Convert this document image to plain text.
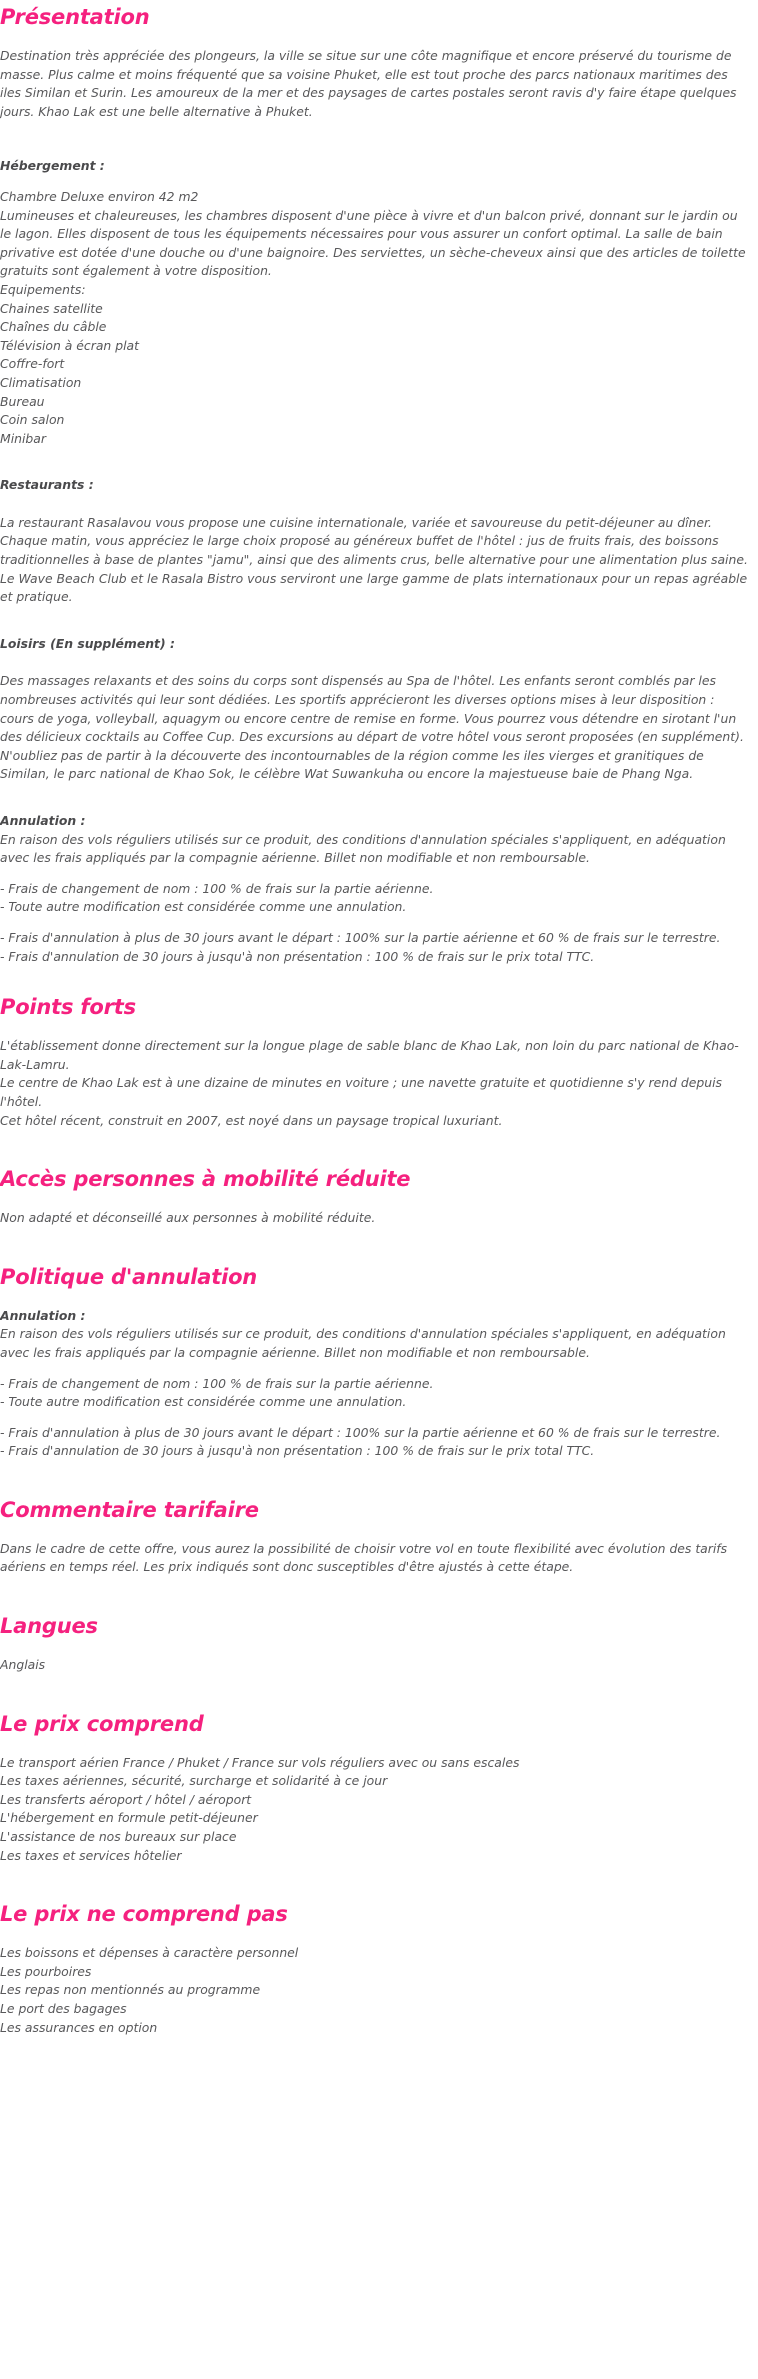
Présentation

Destination très appréciée des plongeurs, la ville se situe sur une côte magnifique et encore préservé du tourisme de masse. Plus calme et moins fréquenté que sa voisine Phuket, elle est tout proche des parcs nationaux maritimes des iles Similan et Surin. Les amoureux de la mer et des paysages de cartes postales seront ravis d'y faire étape quelques jours. Khao Lak est une belle alternative à Phuket.

Hébergement :

Chambre Deluxe environ 42 m2

Lumineuses et chaleureuses, les chambres disposent d'une pièce à vivre et d'un balcon privé, donnant sur le jardin ou le lagon. Elles disposent de tous les équipements nécessaires pour vous assurer un confort optimal. La salle de bain privative est dotée d'une douche ou d'une baignoire. Des serviettes, un sèche-cheveux ainsi que des articles de toilette gratuits sont également à votre disposition.

Equipements:

Chaines satellite
Chaînes du câble
Télévision à écran plat
Coffre-fort
Climatisation
Bureau
Coin salon
Minibar

Restaurants :

La restaurant Rasalavou vous propose une cuisine internationale, variée et savoureuse du petit-déjeuner au dîner. Chaque matin, vous appréciez le large choix proposé au généreux buffet de l'hôtel : jus de fruits frais, des boissons traditionnelles à base de plantes "jamu", ainsi que des aliments crus, belle alternative pour une alimentation plus saine. Le Wave Beach Club et le Rasala Bistro vous serviront une large gamme de plats internationaux pour un repas agréable et pratique.

Loisirs (En supplément) :

Des massages relaxants et des soins du corps sont dispensés au Spa de l'hôtel. Les enfants seront comblés par les nombreuses activités qui leur sont dédiées. Les sportifs apprécieront les diverses options mises à leur disposition : cours de yoga, volleyball, aquagym ou encore centre de remise en forme. Vous pourrez vous détendre en sirotant l'un des délicieux cocktails au Coffee Cup. Des excursions au départ de votre hôtel vous seront proposées (en supplément). N'oubliez pas de partir à la découverte des incontournables de la région comme les iles vierges et granitiques de Similan, le parc national de Khao Sok, le célèbre Wat Suwankuha ou encore la majestueuse baie de Phang Nga.

Annulation :

En raison des vols réguliers utilisés sur ce produit, des conditions d'annulation spéciales s'appliquent, en adéquation avec les frais appliqués par la compagnie aérienne. Billet non modifiable et non remboursable.

- Frais de changement de nom : 100 % de frais sur la partie aérienne.

- Toute autre modification est considérée comme une annulation.

- Frais d'annulation à plus de 30 jours avant le départ : 100% sur la partie aérienne et 60 % de frais sur le terrestre.

- Frais d'annulation de 30 jours à jusqu'à non présentation : 100 % de frais sur le prix total TTC.

Points forts

L'établissement donne directement sur la longue plage de sable blanc de Khao Lak, non loin du parc national de Khao-Lak-Lamru.

Le centre de Khao Lak est à une dizaine de minutes en voiture ; une navette gratuite et quotidienne s'y rend depuis l'hôtel.

Cet hôtel récent, construit en 2007, est noyé dans un paysage tropical luxuriant.

Accès personnes à mobilité réduite

Non adapté et déconseillé aux personnes à mobilité réduite.

Politique d'annulation

Annulation :

En raison des vols réguliers utilisés sur ce produit, des conditions d'annulation spéciales s'appliquent, en adéquation avec les frais appliqués par la compagnie aérienne. Billet non modifiable et non remboursable.

- Frais de changement de nom : 100 % de frais sur la partie aérienne.

- Toute autre modification est considérée comme une annulation.

- Frais d'annulation à plus de 30 jours avant le départ : 100% sur la partie aérienne et 60 % de frais sur le terrestre.

- Frais d'annulation de 30 jours à jusqu'à non présentation : 100 % de frais sur le prix total TTC.

Commentaire tarifaire

Dans le cadre de cette offre, vous aurez la possibilité de choisir votre vol en toute flexibilité avec évolution des tarifs aériens en temps réel. Les prix indiqués sont donc susceptibles d'être ajustés à cette étape.

Langues
Anglais
Le prix comprend
Le transport aérien France / Phuket / France sur vols réguliers avec ou sans escales
Les taxes aériennes, sécurité, surcharge et solidarité à ce jour
Les transferts aéroport / hôtel / aéroport
L'hébergement en formule petit-déjeuner
L'assistance de nos bureaux sur place
Les taxes et services hôtelier
Le prix ne comprend pas
Les boissons et dépenses à caractère personnel
Les pourboires
Les repas non mentionnés au programme
Le port des bagages
Les assurances en option
